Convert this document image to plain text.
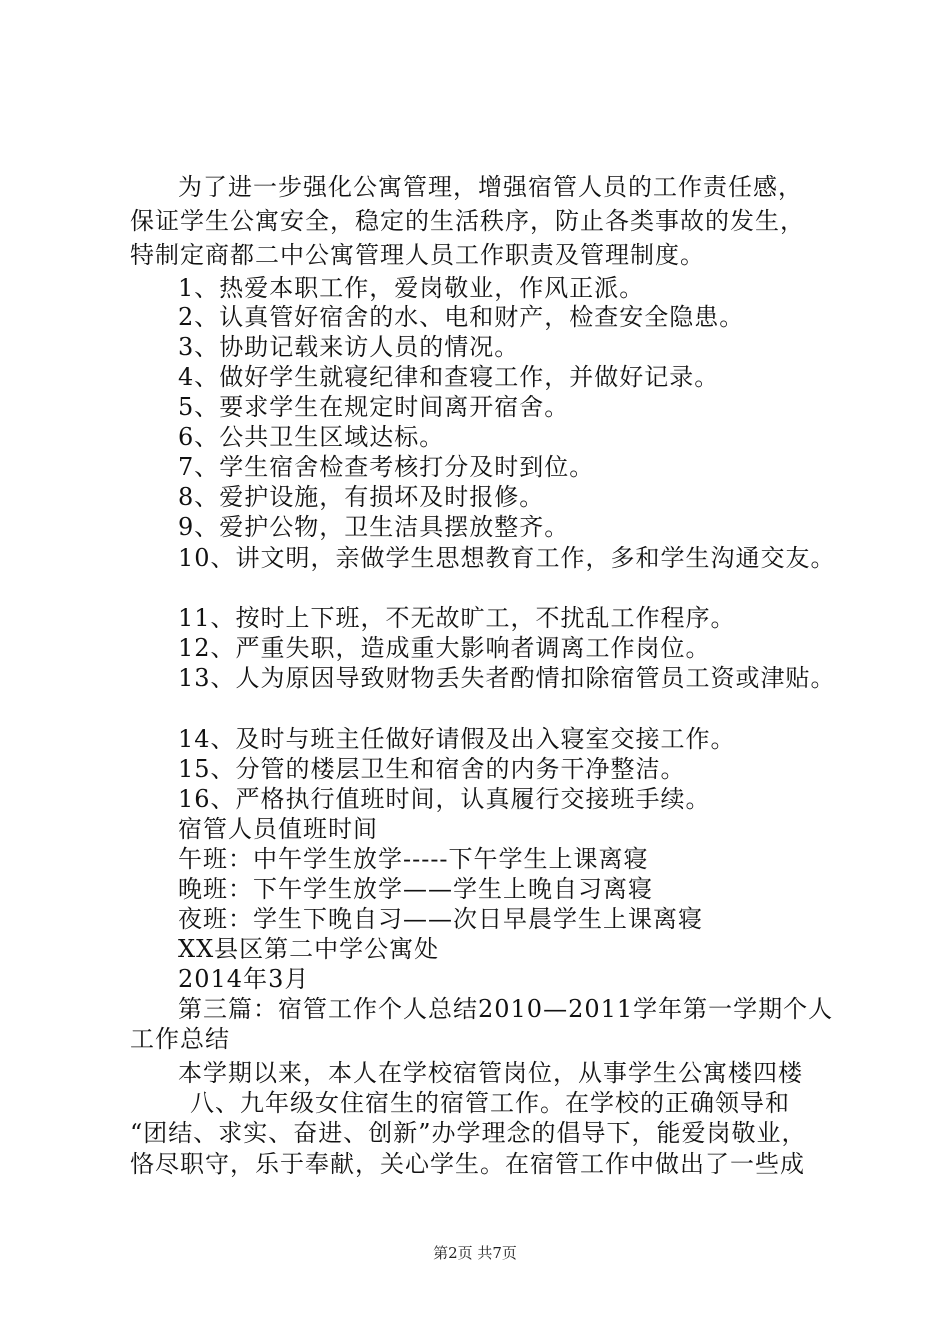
为了进一步强化公寓管理，增强宿管人员的工作责任感，
保证学生公寓安全，稳定的生活秩序，防止各类事故的发生，
特制定商都二中公寓管理人员工作职责及管理制度。
1、热爱本职工作，爱岗敬业，作风正派。
2、认真管好宿舍的水、电和财产，检查安全隐患。
3、协助记载来访人员的情况。
4、做好学生就寝纪律和查寝工作，并做好记录。
5、要求学生在规定时间离开宿舍。
6、公共卫生区域达标。
7、学生宿舍检查考核打分及时到位。
8、爱护设施，有损坏及时报修。
9、爱护公物，卫生洁具摆放整齐。
10、讲文明，亲做学生思想教育工作，多和学生沟通交友。
11、按时上下班，不无故旷工，不扰乱工作程序。
12、严重失职，造成重大影响者调离工作岗位。
13、人为原因导致财物丢失者酌情扣除宿管员工资或津贴。
14、及时与班主任做好请假及出入寝室交接工作。
15、分管的楼层卫生和宿舍的内务干净整洁。
16、严格执行值班时间，认真履行交接班手续。
宿管人员值班时间
午班：中午学生放学-----下午学生上课离寝
晚班：下午学生放学——学生上晚自习离寝
夜班：学生下晚自习——次日早晨学生上课离寝
XX县区第二中学公寓处
2014年3月
第三篇：宿管工作个人总结2010—2011学年第一学期个人
工作总结
本学期以来，本人在学校宿管岗位，从事学生公寓楼四楼
八、九年级女住宿生的宿管工作。在学校的正确领导和
“团结、求实、奋进、创新”办学理念的倡导下，能爱岗敬业，
恪尽职守，乐于奉献，关心学生。在宿管工作中做出了一些成
第2页 共7页
